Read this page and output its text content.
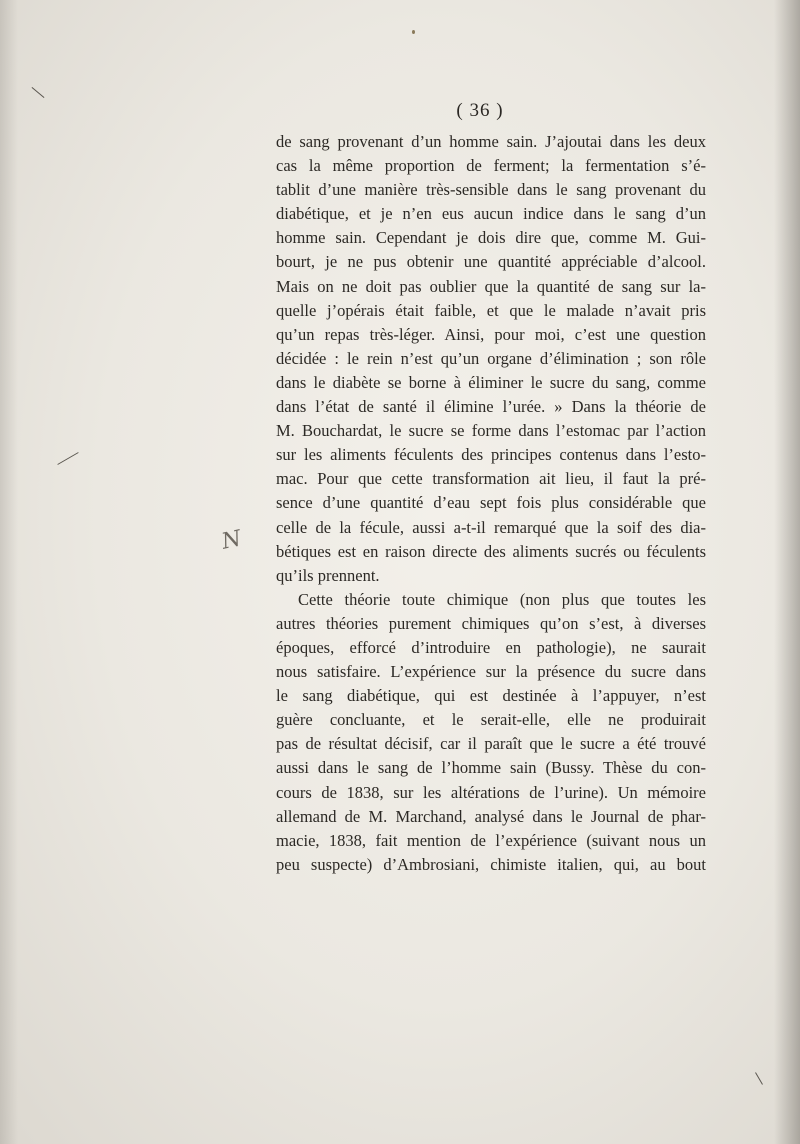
( 36 )
N
de sang provenant d’un homme sain. J’ajoutai dans les deux
cas la même proportion de ferment; la fermentation s’é-
tablit d’une manière très-sensible dans le sang provenant du
diabétique, et je n’en eus aucun indice dans le sang d’un
homme sain. Cependant je dois dire que, comme M. Gui-
bourt, je ne pus obtenir une quantité appréciable d’alcool.
Mais on ne doit pas oublier que la quantité de sang sur la-
quelle j’opérais était faible, et que le malade n’avait pris
qu’un repas très-léger. Ainsi, pour moi, c’est une question
décidée : le rein n’est qu’un organe d’élimination ; son rôle
dans le diabète se borne à éliminer le sucre du sang, comme
dans l’état de santé il élimine l’urée. » Dans la théorie de
M. Bouchardat, le sucre se forme dans l’estomac par l’action
sur les aliments féculents des principes contenus dans l’esto-
mac. Pour que cette transformation ait lieu, il faut la pré-
sence d’une quantité d’eau sept fois plus considérable que
celle de la fécule, aussi a-t-il remarqué que la soif des dia-
bétiques est en raison directe des aliments sucrés ou féculents
qu’ils prennent.
Cette théorie toute chimique (non plus que toutes les
autres théories purement chimiques qu’on s’est, à diverses
époques, efforcé d’introduire en pathologie), ne saurait
nous satisfaire. L’expérience sur la présence du sucre dans
le sang diabétique, qui est destinée à l’appuyer, n’est
guère concluante, et le serait-elle, elle ne produirait
pas de résultat décisif, car il paraît que le sucre a été trouvé
aussi dans le sang de l’homme sain (Bussy. Thèse du con-
cours de 1838, sur les altérations de l’urine). Un mémoire
allemand de M. Marchand, analysé dans le Journal de phar-
macie, 1838, fait mention de l’expérience (suivant nous un
peu suspecte) d’Ambrosiani, chimiste italien, qui, au bout
